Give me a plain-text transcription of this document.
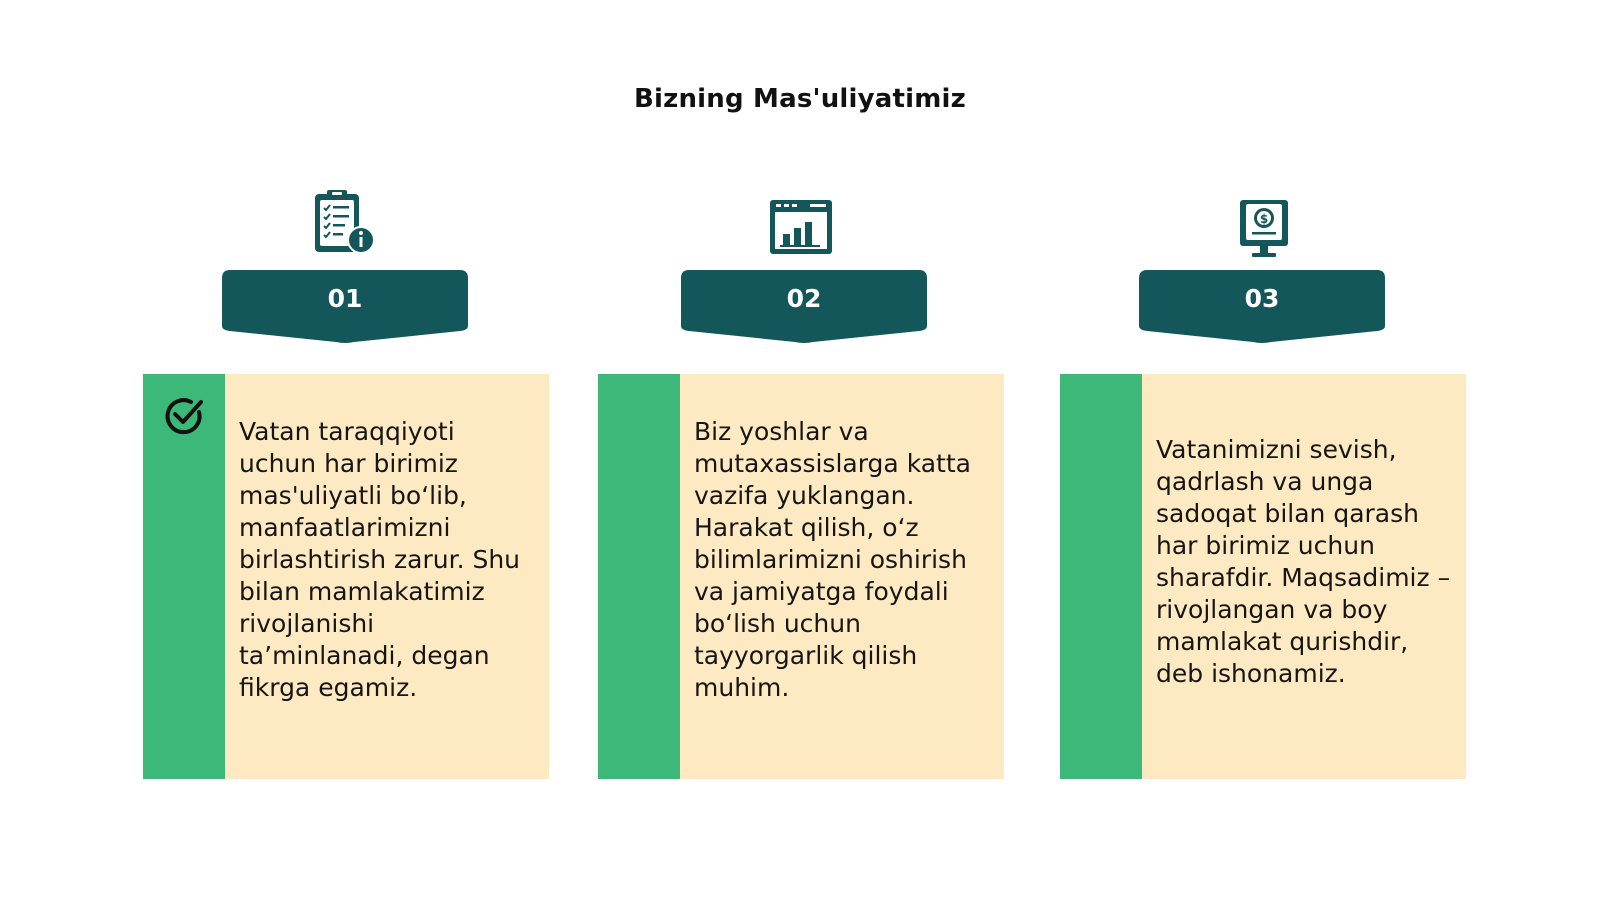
Bizning Mas'uliyatimiz
01
Vatan taraqqiyoti uchun har birimiz mas'uliyatli bo‘lib, manfaatlarimizni birlashtirish zarur. Shu bilan mamlakatimiz rivojlanishi ta’minlanadi, degan fikrga egamiz.
02
Biz yoshlar va mutaxassislarga katta vazifa yuklangan. Harakat qilish, o‘z bilimlarimizni oshirish va jamiyatga foydali bo‘lish uchun tayyorgarlik qilish muhim.
$
03
Vatanimizni sevish, qadrlash va unga sadoqat bilan qarash har birimiz uchun sharafdir. Maqsadimiz – rivojlangan va boy mamlakat qurishdir, deb ishonamiz.
